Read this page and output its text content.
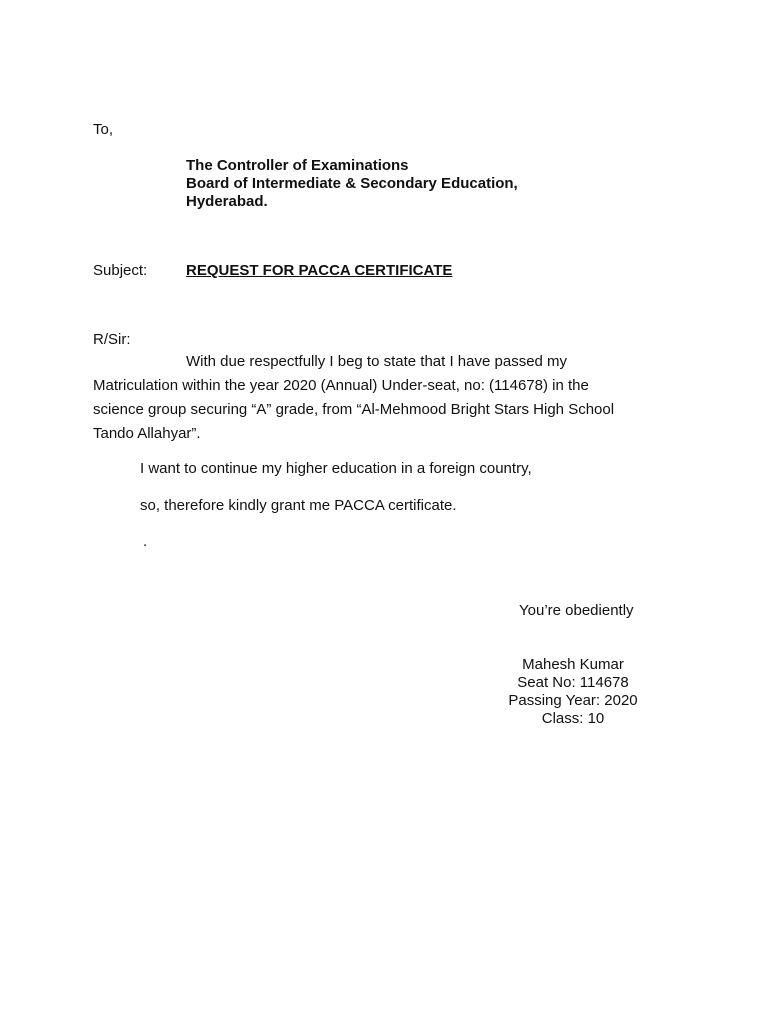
To,
The Controller of Examinations
Board of Intermediate & Secondary Education,
Hyderabad.
Subject:	REQUEST FOR PACCA CERTIFICATE
R/Sir:
With due respectfully I beg to state that I have passed my
Matriculation within the year 2020 (Annual) Under-seat, no: (114678) in the
science group securing “A” grade, from “Al-Mehmood Bright Stars High School
Tando Allahyar”.
I want to continue my higher education in a foreign country,
so, therefore kindly grant me PACCA certificate.
.
You’re obediently
Mahesh Kumar
Seat No: 114678
Passing Year: 2020
Class: 10
